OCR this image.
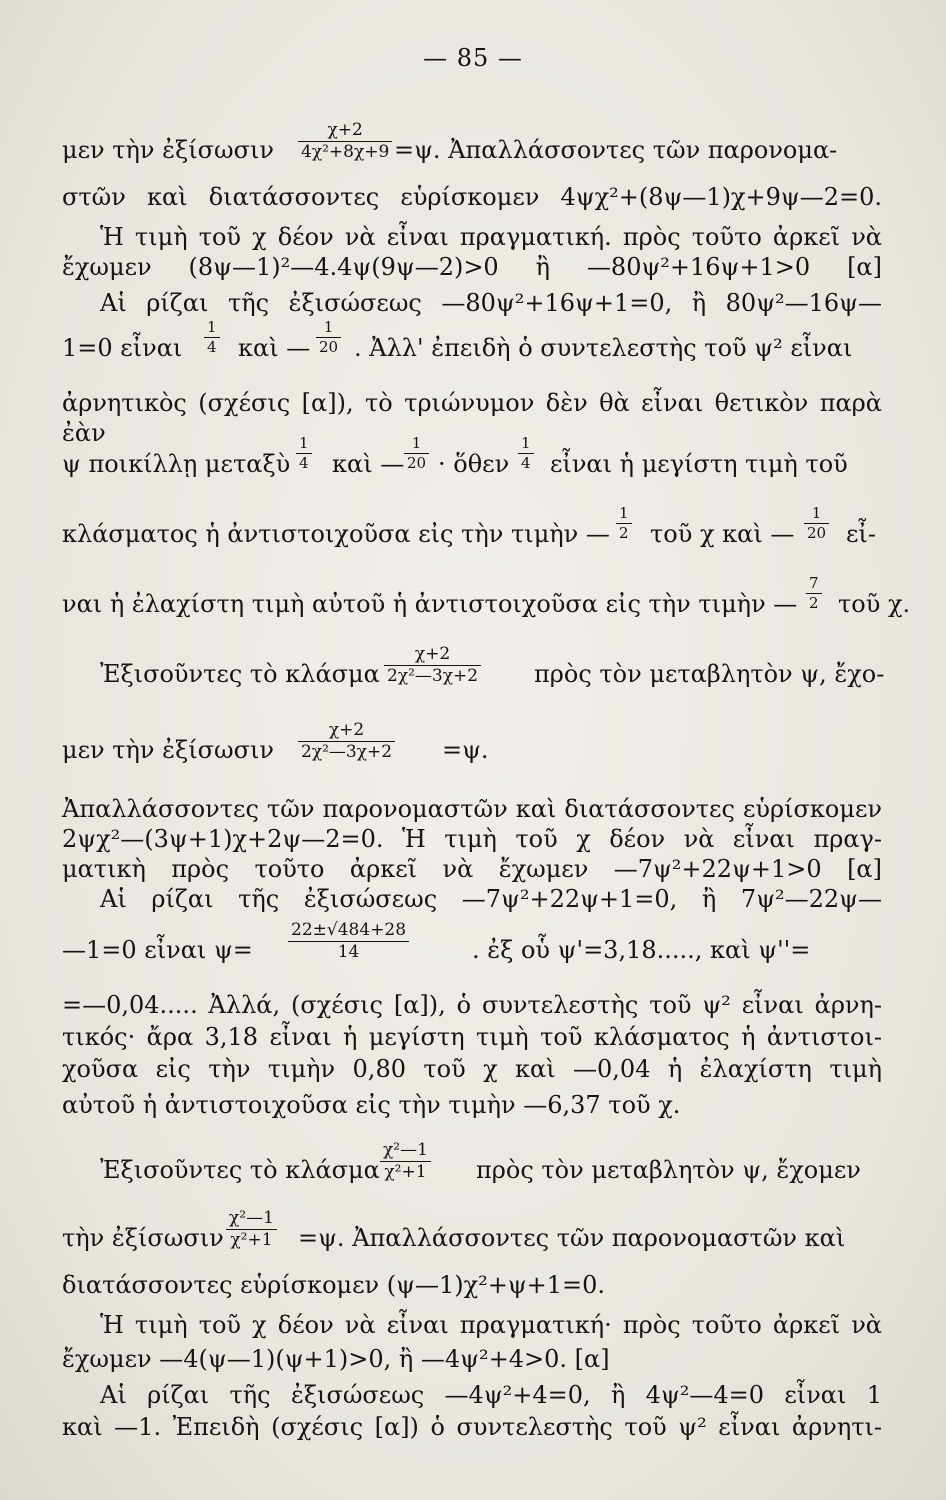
— 85 —
μεν τὴν ἐξίσωσιν
χ+2
4χ²+8χ+9 =ψ. Ἀπαλλάσσοντες τῶν παρονομα-
στῶν καὶ διατάσσοντες εὑρίσκομεν 4ψχ²+(8ψ—1)χ+9ψ—2=0.
Ἡ τιμὴ τοῦ χ δέον νὰ εἶναι πραγματική. πρὸς τοῦτο ἀρκεῖ νὰ
ἔχωμεν (8ψ—1)²—4.4ψ(9ψ—2)>0 ἢ —80ψ²+16ψ+1>0 [α]
Αἱ ρίζαι τῆς ἐξισώσεως —80ψ²+16ψ+1=0, ἢ 80ψ²—16ψ—
1=0 εἶναι
1
4 καὶ —
1
20 . Ἀλλ' ἐπειδὴ ὁ συντελεστὴς τοῦ ψ² εἶναι
ἀρνητικὸς (σχέσις [α]), τὸ τριώνυμον δὲν θὰ εἶναι θετικὸν παρὰ ἐὰν
ψ ποικίλλῃ μεταξὺ
1
4 καὶ —
1
20 · ὅθεν
1
4 εἶναι ἡ μεγίστη τιμὴ τοῦ
κλάσματος ἡ ἀντιστοιχοῦσα εἰς τὴν τιμὴν —
1
2 τοῦ χ καὶ —
1
20 εἶ-
ναι ἡ ἐλαχίστη τιμὴ αὐτοῦ ἡ ἀντιστοιχοῦσα εἰς τὴν τιμὴν —
7
2 τοῦ χ.
Ἐξισοῦντες τὸ κλάσμα
χ+2
2χ²—3χ+2 πρὸς τὸν μεταβλητὸν ψ, ἔχο-
μεν τὴν ἐξίσωσιν
χ+2
2χ²—3χ+2 =ψ.
Ἀπαλλάσσοντες τῶν παρονομαστῶν καὶ διατάσσοντες εὑρίσκομεν
2ψχ²—(3ψ+1)χ+2ψ—2=0. Ἡ τιμὴ τοῦ χ δέον νὰ εἶναι πραγ-
ματικὴ πρὸς τοῦτο ἀρκεῖ νὰ ἔχωμεν —7ψ²+22ψ+1>0 [α]
Αἱ ρίζαι τῆς ἐξισώσεως —7ψ²+22ψ+1=0, ἢ 7ψ²—22ψ—
—1=0 εἶναι ψ=
22±√484+28
14	. ἐξ οὗ ψ'=3,18....., καὶ ψ''=
=—0,04..... Ἀλλά, (σχέσις [α]), ὁ συντελεστὴς τοῦ ψ² εἶναι ἀρνη-
τικός· ἄρα 3,18 εἶναι ἡ μεγίστη τιμὴ τοῦ κλάσματος ἡ ἀντιστοι-
χοῦσα εἰς τὴν τιμὴν 0,80 τοῦ χ καὶ —0,04 ἡ ἐλαχίστη τιμὴ
αὐτοῦ ἡ ἀντιστοιχοῦσα εἰς τὴν τιμὴν —6,37 τοῦ χ.
Ἐξισοῦντες τὸ κλάσμα
χ²—1
χ²+1 πρὸς τὸν μεταβλητὸν ψ, ἔχομεν
τὴν ἐξίσωσιν
χ²—1
χ²+1 =ψ. Ἀπαλλάσσοντες τῶν παρονομαστῶν καὶ
διατάσσοντες εὑρίσκομεν (ψ—1)χ²+ψ+1=0.
Ἡ τιμὴ τοῦ χ δέον νὰ εἶναι πραγματική· πρὸς τοῦτο ἀρκεῖ νὰ
ἔχωμεν —4(ψ—1)(ψ+1)>0, ἢ —4ψ²+4>0. [α]
Αἱ ρίζαι τῆς ἐξισώσεως —4ψ²+4=0, ἢ 4ψ²—4=0 εἶναι 1
καὶ —1. Ἐπειδὴ (σχέσις [α]) ὁ συντελεστὴς τοῦ ψ² εἶναι ἀρνητι-
